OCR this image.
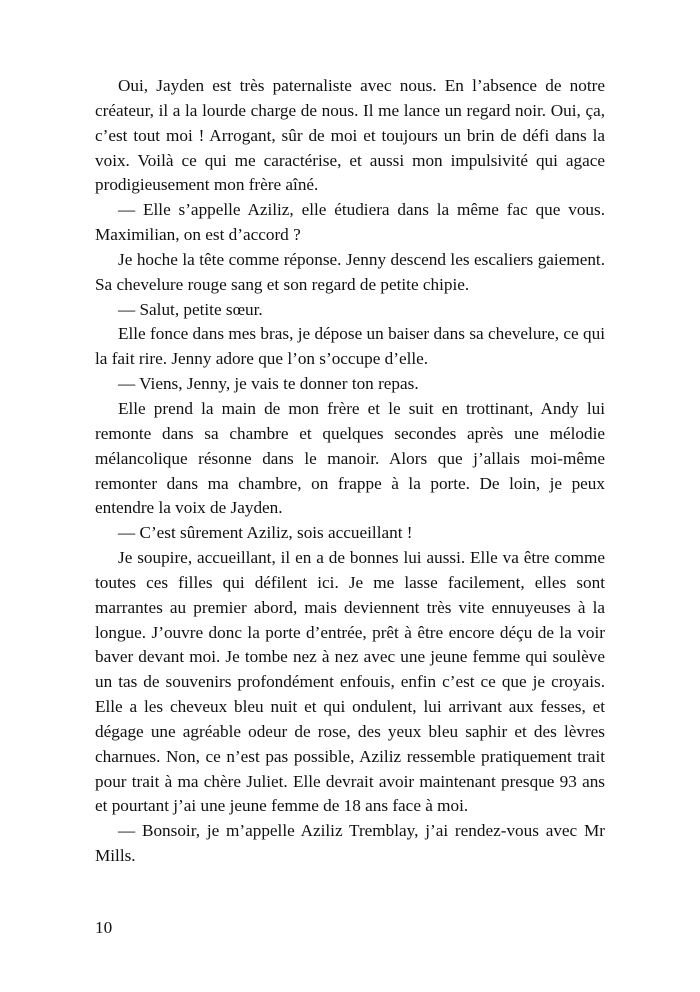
Oui, Jayden est très paternaliste avec nous. En l’absence de notre créateur, il a la lourde charge de nous. Il me lance un regard noir. Oui, ça, c’est tout moi ! Arrogant, sûr de moi et toujours un brin de défi dans la voix. Voilà ce qui me caractérise, et aussi mon impulsivité qui agace prodigieusement mon frère aîné.

— Elle s’appelle Aziliz, elle étudiera dans la même fac que vous. Maximilian, on est d’accord ?

Je hoche la tête comme réponse. Jenny descend les escaliers gaiement. Sa chevelure rouge sang et son regard de petite chipie.

— Salut, petite sœur.

Elle fonce dans mes bras, je dépose un baiser dans sa chevelure, ce qui la fait rire. Jenny adore que l’on s’occupe d’elle.

— Viens, Jenny, je vais te donner ton repas.

Elle prend la main de mon frère et le suit en trottinant, Andy lui remonte dans sa chambre et quelques secondes après une mélodie mélancolique résonne dans le manoir. Alors que j’allais moi-même remonter dans ma chambre, on frappe à la porte. De loin, je peux entendre la voix de Jayden.

— C’est sûrement Aziliz, sois accueillant !

Je soupire, accueillant, il en a de bonnes lui aussi. Elle va être comme toutes ces filles qui défilent ici. Je me lasse facilement, elles sont marrantes au premier abord, mais deviennent très vite ennuyeuses à la longue. J’ouvre donc la porte d’entrée, prêt à être encore déçu de la voir baver devant moi. Je tombe nez à nez avec une jeune femme qui soulève un tas de souvenirs profondément enfouis, enfin c’est ce que je croyais. Elle a les cheveux bleu nuit et qui ondulent, lui arrivant aux fesses, et dégage une agréable odeur de rose, des yeux bleu saphir et des lèvres charnues. Non, ce n’est pas possible, Aziliz ressemble pratiquement trait pour trait à ma chère Juliet. Elle devrait avoir maintenant presque 93 ans et pourtant j’ai une jeune femme de 18 ans face à moi.

— Bonsoir, je m’appelle Aziliz Tremblay, j’ai rendez-vous avec Mr Mills.

10
